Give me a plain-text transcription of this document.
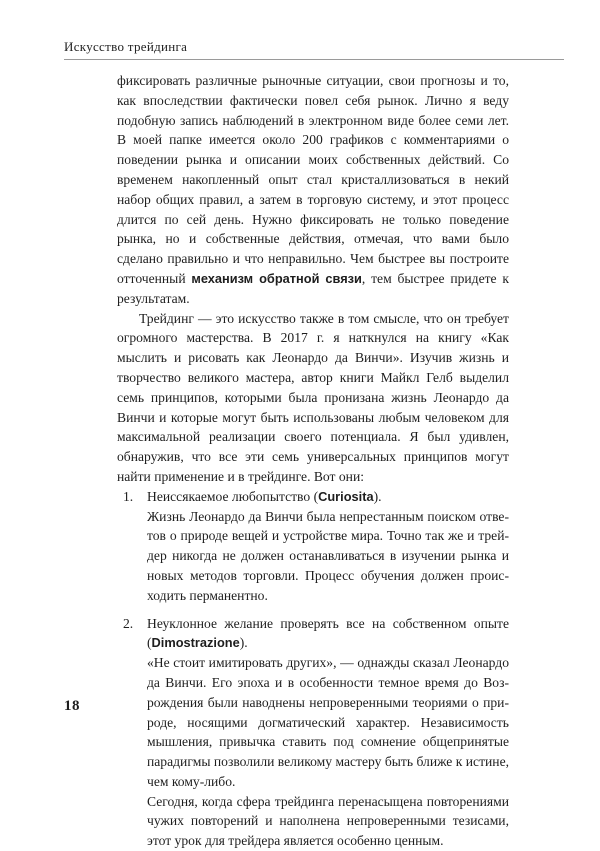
Искусство трейдинга

фиксировать различные рыночные ситуации, свои прогнозы и то, как впоследствии фактически повел себя рынок. Лично я веду подобную запись наблюдений в электронном виде более семи лет. В моей папке имеется около 200 графиков с комментариями о поведении рынка и описании моих собственных действий. Со временем накопленный опыт стал кристаллизоваться в некий набор общих правил, а затем в торговую систему, и этот процесс длится по сей день. Нужно фиксировать не только поведение рынка, но и собственные действия, отмечая, что вами было сделано правильно и что неправильно. Чем быстрее вы построите отточенный механизм обратной связи, тем быстрее придете к результатам.

Трейдинг — это искусство также в том смысле, что он требует огромного мастерства. В 2017 г. я наткнулся на книгу «Как мыслить и рисовать как Леонардо да Винчи». Изучив жизнь и творчество великого мастера, автор книги Майкл Гелб выделил семь принципов, которыми была пронизана жизнь Леонардо да Винчи и которые могут быть использованы любым человеком для максимальной реализации своего потенциала. Я был удивлен, обнаружив, что все эти семь универсальных принципов могут найти применение и в трейдинге. Вот они:

1. Неиссякаемое любопытство (Curiosita).
Жизнь Леонардо да Винчи была непрестанным поиском ответов о природе вещей и устройстве мира. Точно так же и трейдер никогда не должен останавливаться в изучении рынка и новых методов торговли. Процесс обучения должен происходить перманентно.
2. Неуклонное желание проверять все на собственном опыте (Dimostrazione).
«Не стоит имитировать других», — однажды сказал Леонардо да Винчи. Его эпоха и в особенности темное время до Возрождения были наводнены непроверенными теориями о природе, носящими догматический характер. Независимость мышления, привычка ставить под сомнение общепринятые парадигмы позволили великому мастеру быть ближе к истине, чем кому-либо.
Сегодня, когда сфера трейдинга перенасыщена повторениями чужих повторений и наполнена непроверенными тезисами, этот урок для трейдера является особенно ценным.
18
